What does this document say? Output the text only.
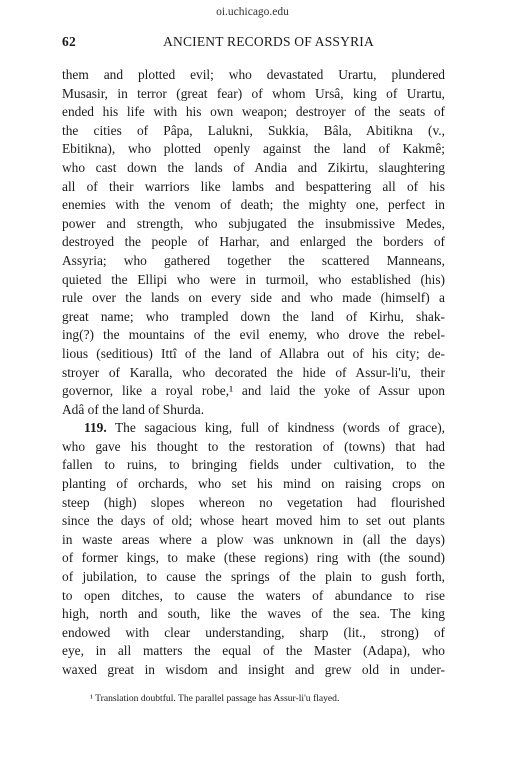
oi.uchicago.edu
62	ANCIENT RECORDS OF ASSYRIA
them and plotted evil; who devastated Urartu, plundered
Musasir, in terror (great fear) of whom Ursâ, king of Urartu,
ended his life with his own weapon; destroyer of the seats of
the cities of Pâpa, Lalukni, Sukkia, Bâla, Abitikna (v.,
Ebitikna), who plotted openly against the land of Kakmê;
who cast down the lands of Andia and Zikirtu, slaughtering
all of their warriors like lambs and bespattering all of his
enemies with the venom of death; the mighty one, perfect in
power and strength, who subjugated the insubmissive Medes,
destroyed the people of Harhar, and enlarged the borders of
Assyria; who gathered together the scattered Manneans,
quieted the Ellipi who were in turmoil, who established (his)
rule over the lands on every side and who made (himself) a
great name; who trampled down the land of Kirhu, shak-
ing(?) the mountains of the evil enemy, who drove the rebel-
lious (seditious) Ittî of the land of Allabra out of his city; de-
stroyer of Karalla, who decorated the hide of Assur-li'u, their
governor, like a royal robe,¹ and laid the yoke of Assur upon
Adâ of the land of Shurda.
119. The sagacious king, full of kindness (words of grace),
who gave his thought to the restoration of (towns) that had
fallen to ruins, to bringing fields under cultivation, to the
planting of orchards, who set his mind on raising crops on
steep (high) slopes whereon no vegetation had flourished
since the days of old; whose heart moved him to set out plants
in waste areas where a plow was unknown in (all the days)
of former kings, to make (these regions) ring with (the sound)
of jubilation, to cause the springs of the plain to gush forth,
to open ditches, to cause the waters of abundance to rise
high, north and south, like the waves of the sea. The king
endowed with clear understanding, sharp (lit., strong) of
eye, in all matters the equal of the Master (Adapa), who
waxed great in wisdom and insight and grew old in under-
¹ Translation doubtful. The parallel passage has Assur-li'u flayed.
